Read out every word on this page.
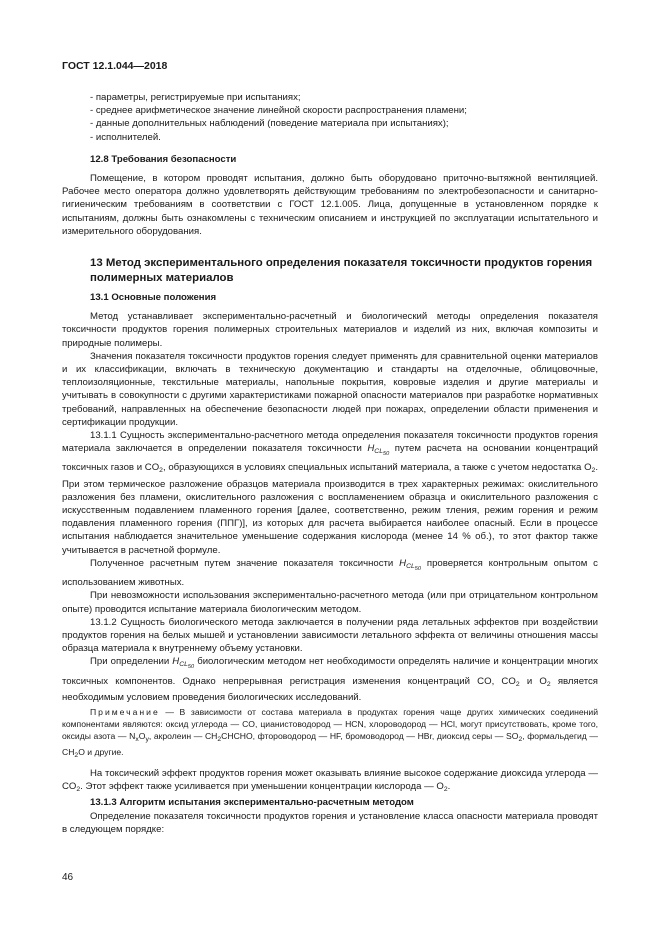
ГОСТ 12.1.044—2018
- параметры, регистрируемые при испытаниях;
- среднее арифметическое значение линейной скорости распространения пламени;
- данные дополнительных наблюдений (поведение материала при испытаниях);
- исполнителей.
12.8 Требования безопасности

Помещение, в котором проводят испытания, должно быть оборудовано приточно-вытяжной вентиляцией. Рабочее место оператора должно удовлетворять действующим требованиям по электробезопасности и санитарно-гигиеническим требованиям в соответствии с ГОСТ 12.1.005. Лица, допущенные в установленном порядке к испытаниям, должны быть ознакомлены с техническим описанием и инструкцией по эксплуатации испытательного и измерительного оборудования.

13 Метод экспериментального определения показателя токсичности продуктов горения полимерных материалов
13.1 Основные положения

Метод устанавливает экспериментально-расчетный и биологический методы определения показателя токсичности продуктов горения полимерных строительных материалов и изделий из них, включая композиты и природные полимеры.

Значения показателя токсичности продуктов горения следует применять для сравнительной оценки материалов и их классификации, включать в техническую документацию и стандарты на отделочные, облицовочные, теплоизоляционные, текстильные материалы, напольные покрытия, ковровые изделия и другие материалы и учитывать в совокупности с другими характеристиками пожарной опасности материалов при разработке нормативных требований, направленных на обеспечение безопасности людей при пожарах, определении области применения и сертификации продукции.

13.1.1 Сущность экспериментально-расчетного метода определения показателя токсичности продуктов горения материала заключается в определении показателя токсичности $H_{CL50}$ путем расчета на основании концентраций токсичных газов и $CO_2$, образующихся в условиях специальных испытаний материала, а также с учетом недостатка $O_2$. При этом термическое разложение образцов материала производится в трех характерных режимах: окислительного разложения без пламени, окислительного разложения с воспламенением образца и окислительного разложения с искусственным подавлением пламенного горения [далее, соответственно, режим тления, режим горения и режим подавления пламенного горения (ППГ)], из которых для расчета выбирается наиболее опасный. Если в процессе испытания наблюдается значительное уменьшение содержания кислорода (менее 14 % об.), то этот фактор также учитывается в расчетной формуле.

Полученное расчетным путем значение показателя токсичности $H_{CL50}$ проверяется контрольным опытом с использованием животных.

При невозможности использования экспериментально-расчетного метода (или при отрицательном контрольном опыте) проводится испытание материала биологическим методом.

13.1.2 Сущность биологического метода заключается в получении ряда летальных эффектов при воздействии продуктов горения на белых мышей и установлении зависимости летального эффекта от величины отношения массы образца материала к внутреннему объему установки.

При определении $H_{CL50}$ биологическим методом нет необходимости определять наличие и концентрации многих токсичных компонентов. Однако непрерывная регистрация изменения концентраций CO, $CO_2$ и $O_2$ является необходимым условием проведения биологических исследований.

Примечание — В зависимости от состава материала в продуктах горения чаще других химических соединений компонентами являются: оксид углерода — CO, цианистоводород — HCN, хлороводород — HCl, могут присутствовать, кроме того, оксиды азота — $N_xO_y$, акролеин — $CH_2CHCHO$, фтороводород — HF, бромоводород — HBr, диоксид серы — $SO_2$, формальдегид — $CH_2O$ и другие.

На токсический эффект продуктов горения может оказывать влияние высокое содержание диоксида углерода — $CO_2$. Этот эффект также усиливается при уменьшении концентрации кислорода — $O_2$.

13.1.3 Алгоритм испытания экспериментально-расчетным методом

Определение показателя токсичности продуктов горения и установление класса опасности материала проводят в следующем порядке:

46
